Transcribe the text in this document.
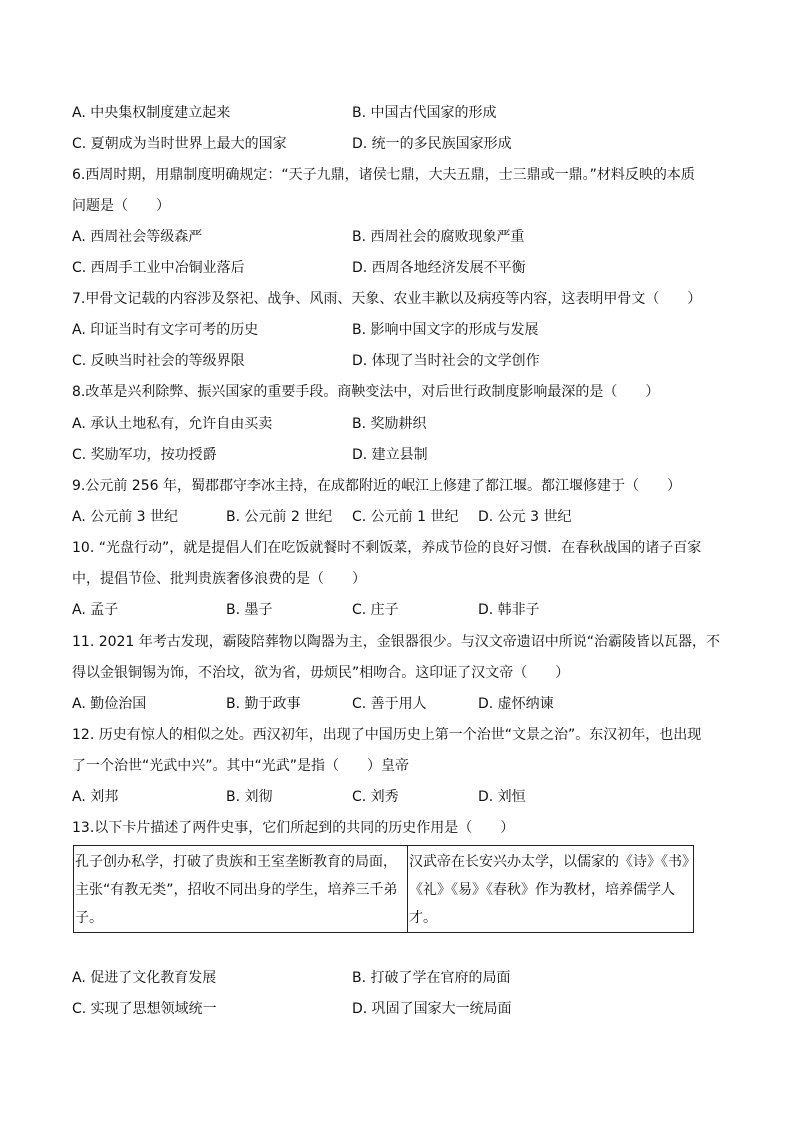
A. 中央集权制度建立起来	B. 中国古代国家的形成
C. 夏朝成为当时世界上最大的国家	D. 统一的多民族国家形成
6.西周时期，用鼎制度明确规定：“天子九鼎，诸侯七鼎，大夫五鼎，士三鼎或一鼎。”材料反映的本质
问题是（　　）
A. 西周社会等级森严	B. 西周社会的腐败现象严重
C. 西周手工业中冶铜业落后	D. 西周各地经济发展不平衡
7.甲骨文记载的内容涉及祭祀、战争、风雨、天象、农业丰歉以及病疫等内容，这表明甲骨文（　　）
A. 印证当时有文字可考的历史	B. 影响中国文字的形成与发展
C. 反映当时社会的等级界限	D. 体现了当时社会的文学创作
8.改革是兴利除弊、振兴国家的重要手段。商鞅变法中，对后世行政制度影响最深的是（　　）
A. 承认土地私有，允许自由买卖	B. 奖励耕织
C. 奖励军功，按功授爵	D. 建立县制
9.公元前 256 年，蜀郡郡守李冰主持，在成都附近的岷江上修建了都江堰。都江堰修建于（　　）
A. 公元前 3 世纪	B. 公元前 2 世纪 C. 公元前 1 世纪 D. 公元 3 世纪
10. “光盘行动”，就是提倡人们在吃饭就餐时不剩饭菜，养成节俭的良好习惯．在春秋战国的诸子百家
中，提倡节俭、批判贵族奢侈浪费的是（　　）
A. 孟子	B. 墨子	C. 庄子	D. 韩非子
11. 2021 年考古发现，霸陵陪葬物以陶器为主，金银器很少。与汉文帝遗诏中所说“治霸陵皆以瓦器，不
得以金银铜锡为饰，不治坟，欲为省，毋烦民”相吻合。这印证了汉文帝（　　）
A. 勤俭治国	B. 勤于政事	C. 善于用人	D. 虚怀纳谏
12. 历史有惊人的相似之处。西汉初年，出现了中国历史上第一个治世“文景之治”。东汉初年，也出现
了一个治世“光武中兴”。其中“光武”是指（　　）皇帝
A. 刘邦	B. 刘彻	C. 刘秀	D. 刘恒
13.以下卡片描述了两件史事，它们所起到的共同的历史作用是（　　）
孔子创办私学，打破了贵族和王室垄断教育的局面，主张“有教无类”，招收不同出身的学生，培养三千弟子。	汉武帝在长安兴办太学，以儒家的《诗》《书》《礼》《易》《春秋》作为教材，培养儒学人才。
A. 促进了文化教育发展	B. 打破了学在官府的局面
C. 实现了思想领域统一	D. 巩固了国家大一统局面
